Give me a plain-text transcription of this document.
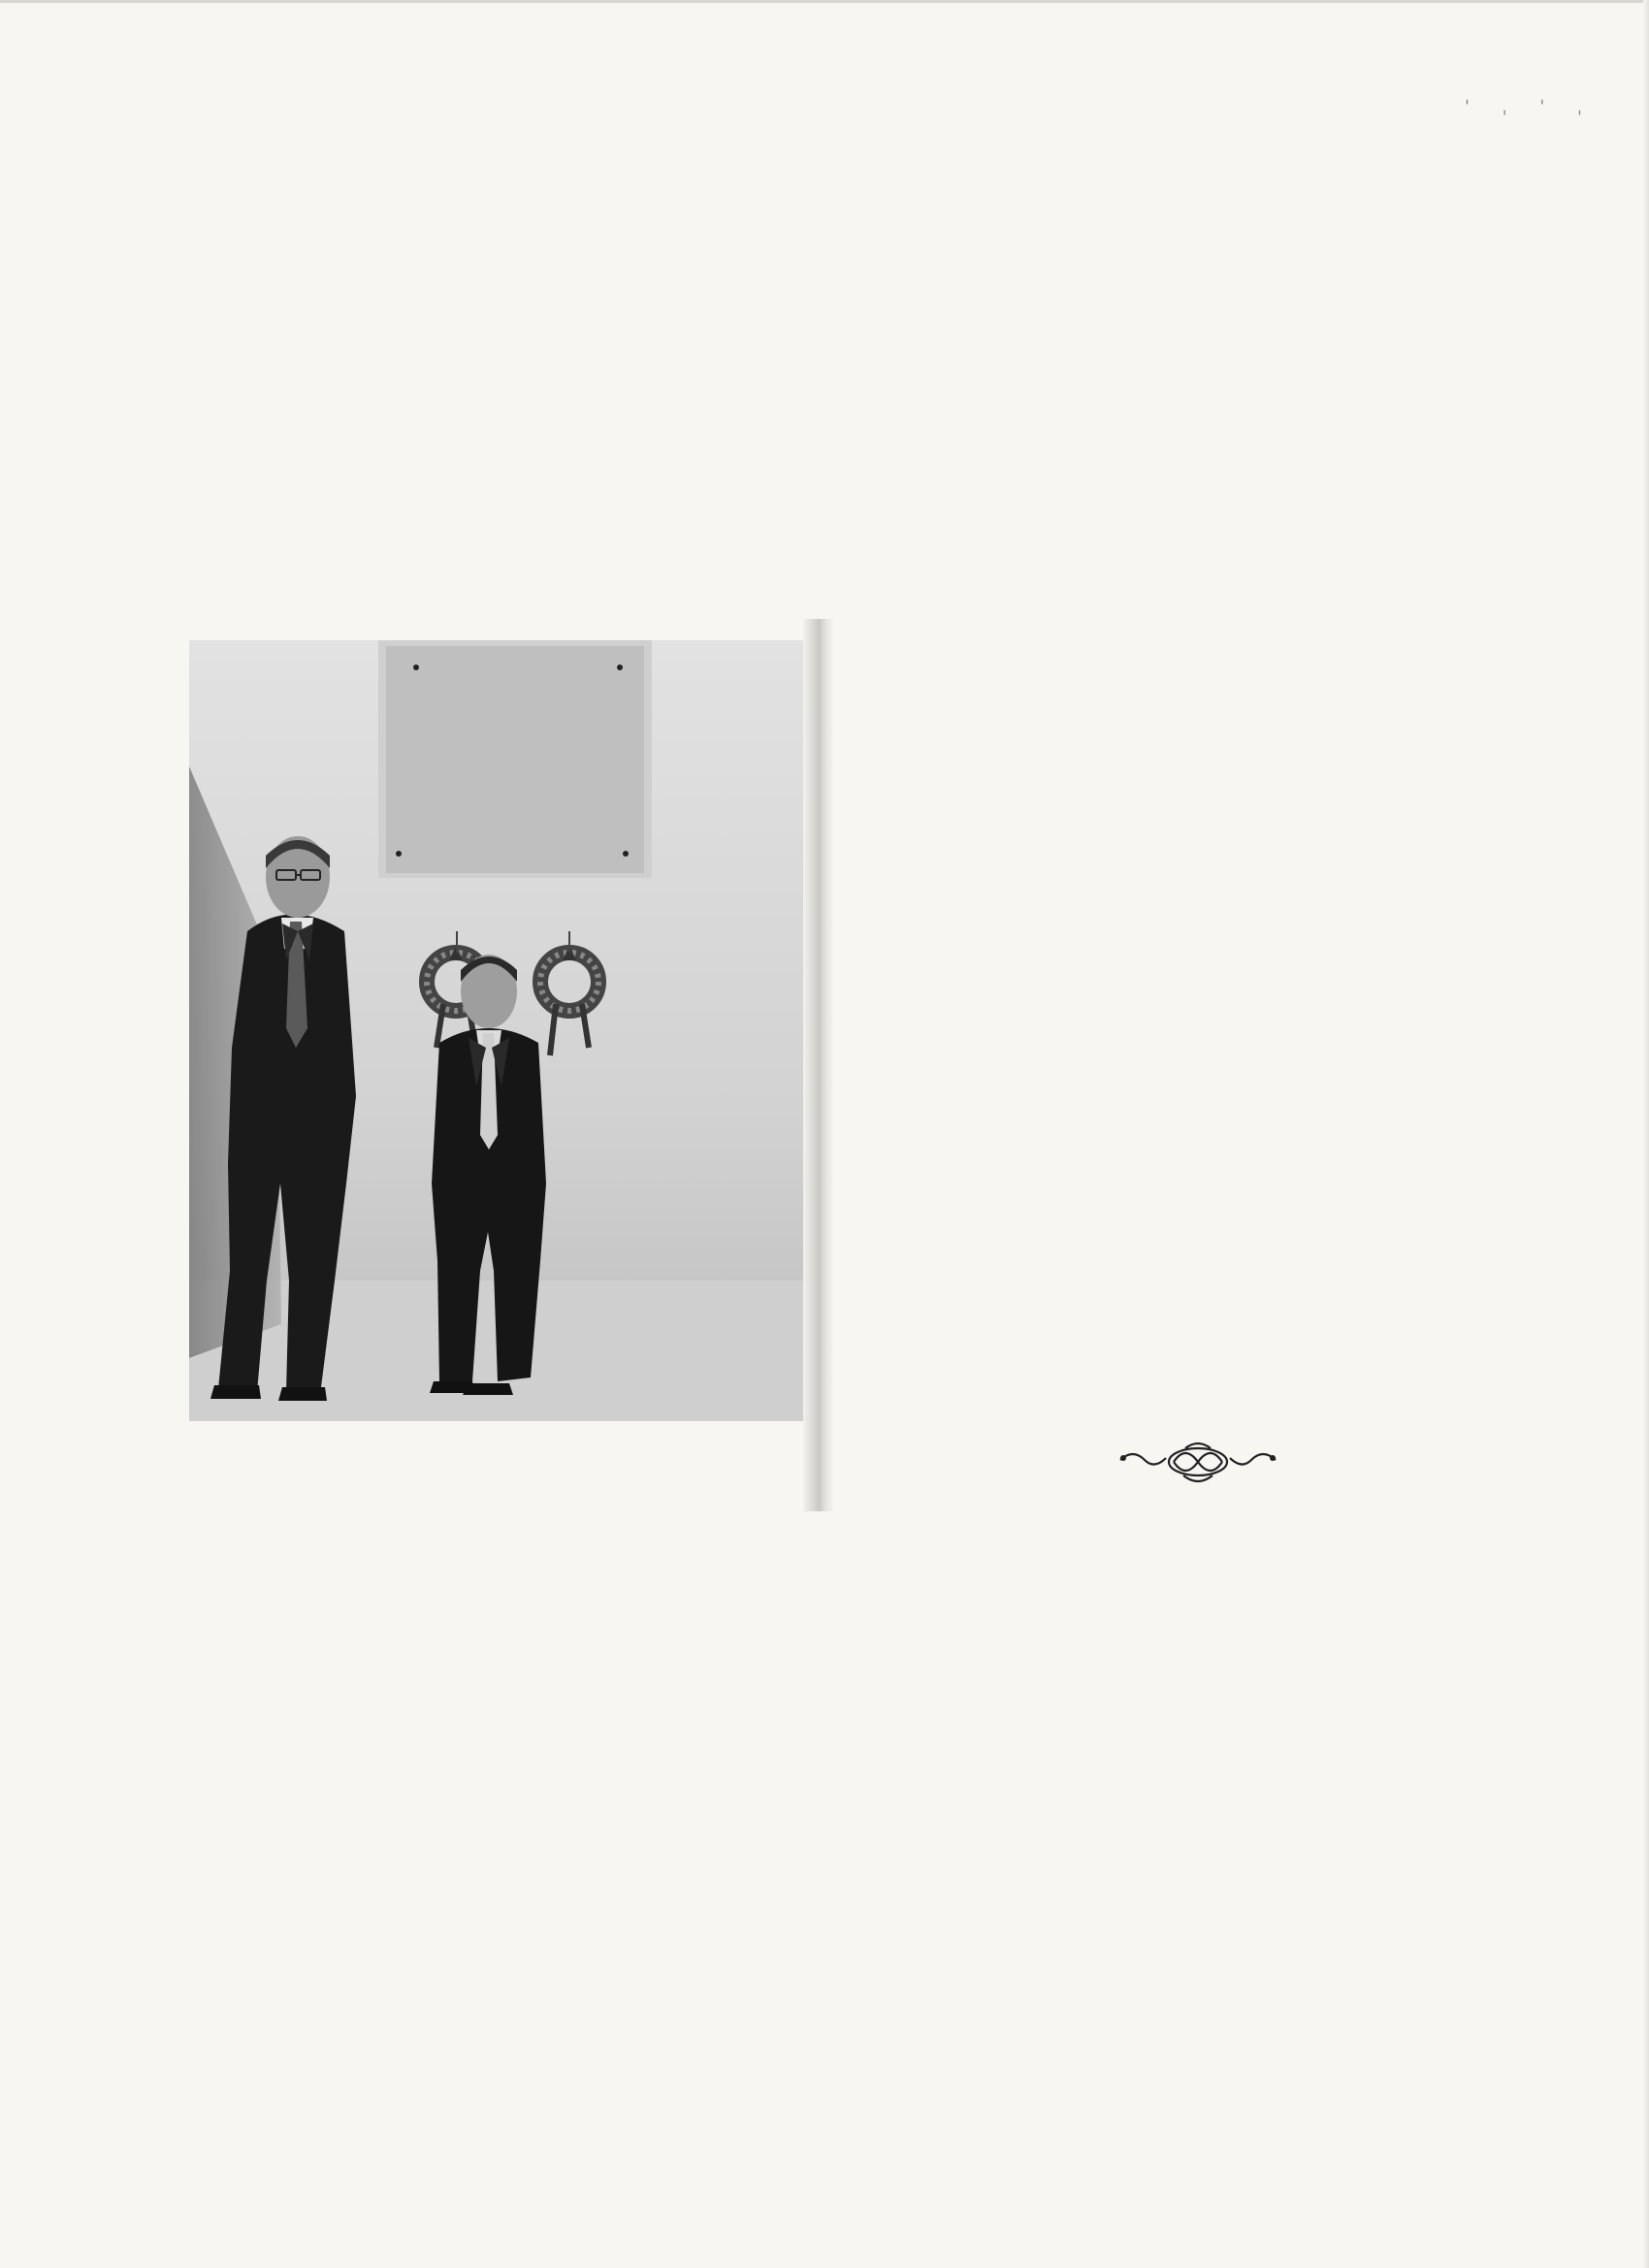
ˈ ˌ ˈ ˌ
